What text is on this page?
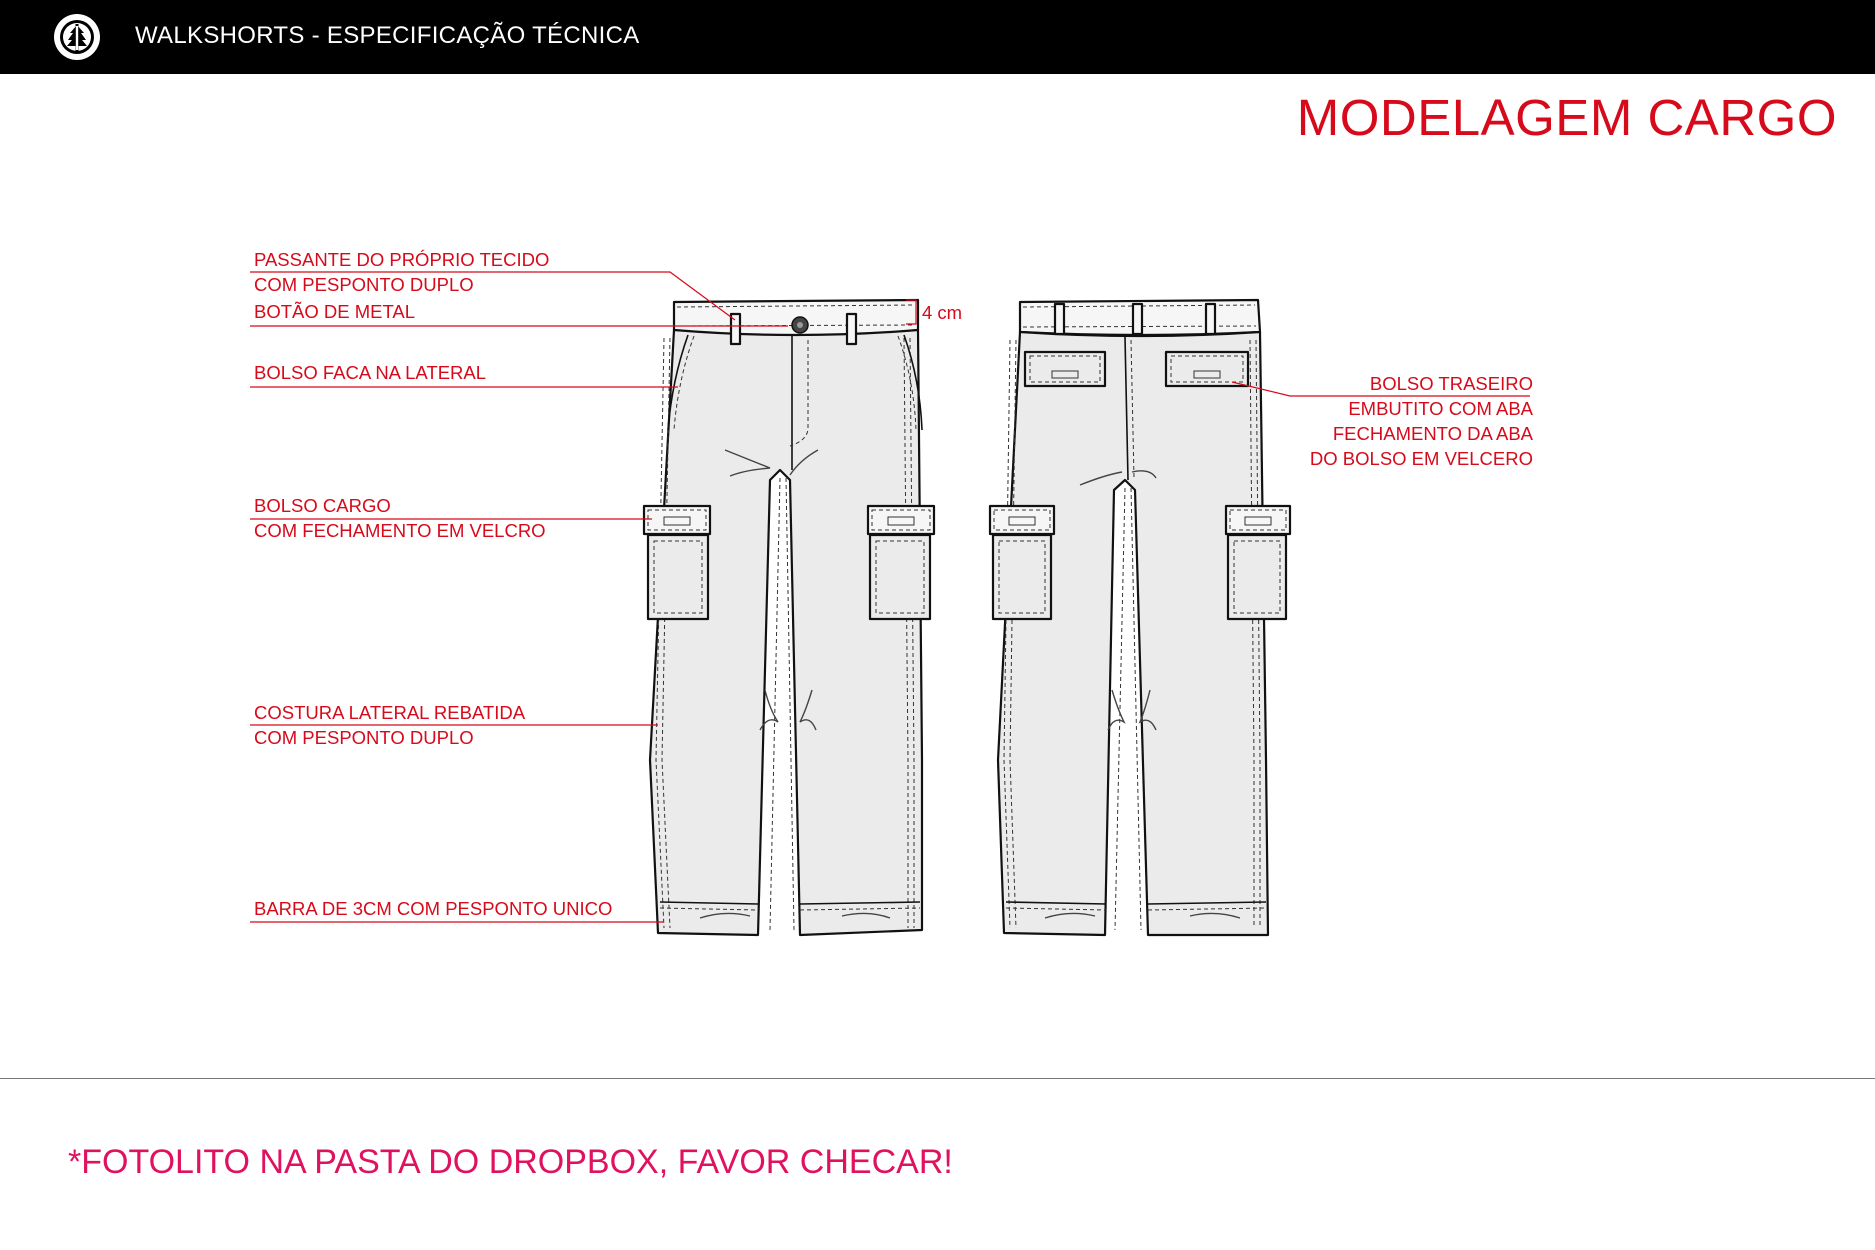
WALKSHORTS - ESPECIFICAÇÃO TÉCNICA
MODELAGEM CARGO
PASSANTE DO PRÓPRIO TECIDO
COM PESPONTO DUPLO
BOTÃO DE METAL
BOLSO FACA NA LATERAL
BOLSO CARGO
COM FECHAMENTO EM VELCRO
COSTURA LATERAL REBATIDA
COM PESPONTO DUPLO
BARRA DE 3CM COM PESPONTO UNICO
BOLSO TRASEIRO
EMBUTITO COM ABA
FECHAMENTO DA ABA
DO BOLSO EM VELCERO
4 cm
*FOTOLITO NA PASTA DO DROPBOX, FAVOR CHECAR!
